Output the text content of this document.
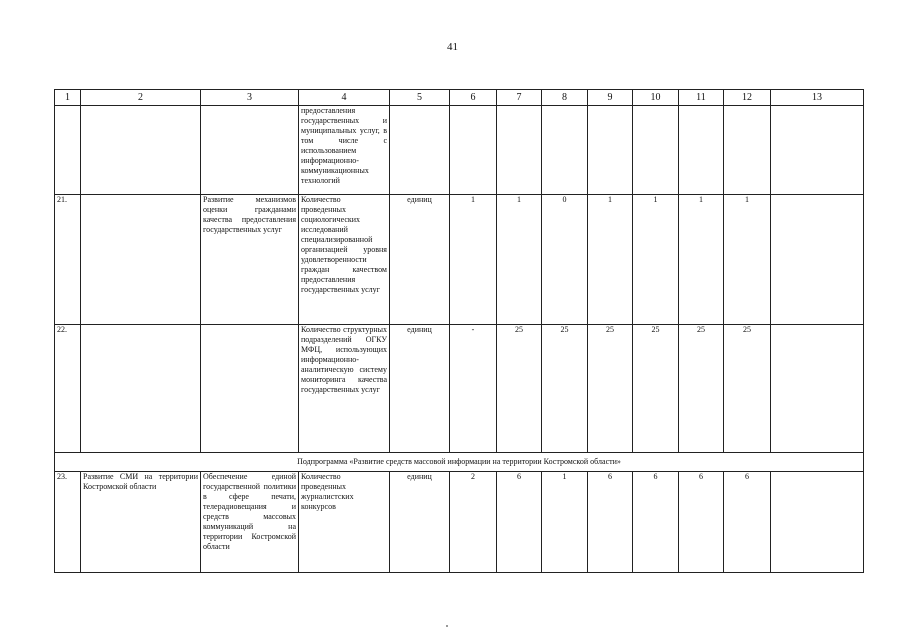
41
1	2	3	4	5	6	7	8	9	10	11	12	13
			предоставления государственных и муниципальных услуг, в том числе с использованием информационно-коммуникационных технологий									
21.		Развитие механизмов оценки гражданами качества предоставления государственных услуг	Количество проведенных социологических исследований специализированной организацией уровня удовлетворенности граждан качеством предоставления государственных услуг	единиц	1	1	0	1	1	1	1	
22.			Количество структурных подразделений ОГКУ МФЦ, использующих информационно-аналитическую систему мониторинга качества государственных услуг	единиц	-	25	25	25	25	25	25	
Подпрограмма «Развитие средств массовой информации на территории Костромской области»												
23.	Развитие СМИ на территории Костромской области	Обеспечение единой государственной политики в сфере печати, телерадиовещания и средств массовых коммуникаций на территории Костромской области	Количество проведенных журналистских конкурсов	единиц	2	6	1	6	6	6	6	
